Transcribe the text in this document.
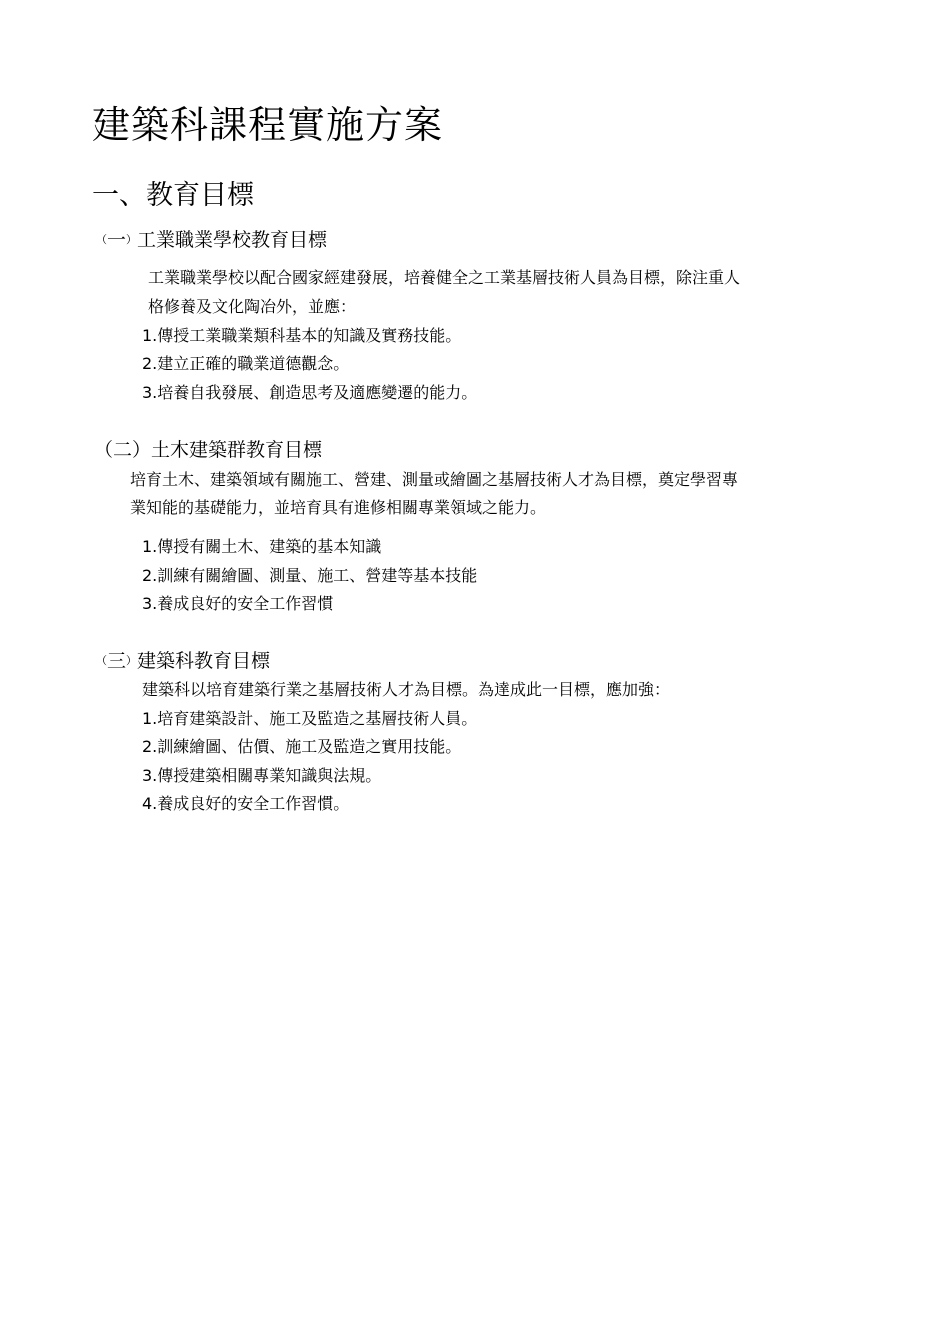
建築科課程實施方案
一、教育目標
（一）工業職業學校教育目標
工業職業學校以配合國家經建發展，培養健全之工業基層技術人員為目標，除注重人
格修養及文化陶冶外，並應：
1.傳授工業職業類科基本的知識及實務技能。
2.建立正確的職業道德觀念。
3.培養自我發展、創造思考及適應變遷的能力。
（二）土木建築群教育目標
培育土木、建築領域有關施工、營建、測量或繪圖之基層技術人才為目標，奠定學習專
業知能的基礎能力，並培育具有進修相關專業領域之能力。
1.傳授有關土木、建築的基本知識
2.訓練有關繪圖、測量、施工、營建等基本技能
3.養成良好的安全工作習慣
（三）建築科教育目標
建築科以培育建築行業之基層技術人才為目標。為達成此一目標，應加強：
1.培育建築設計、施工及監造之基層技術人員。
2.訓練繪圖、估價、施工及監造之實用技能。
3.傳授建築相關專業知識與法規。
4.養成良好的安全工作習慣。
